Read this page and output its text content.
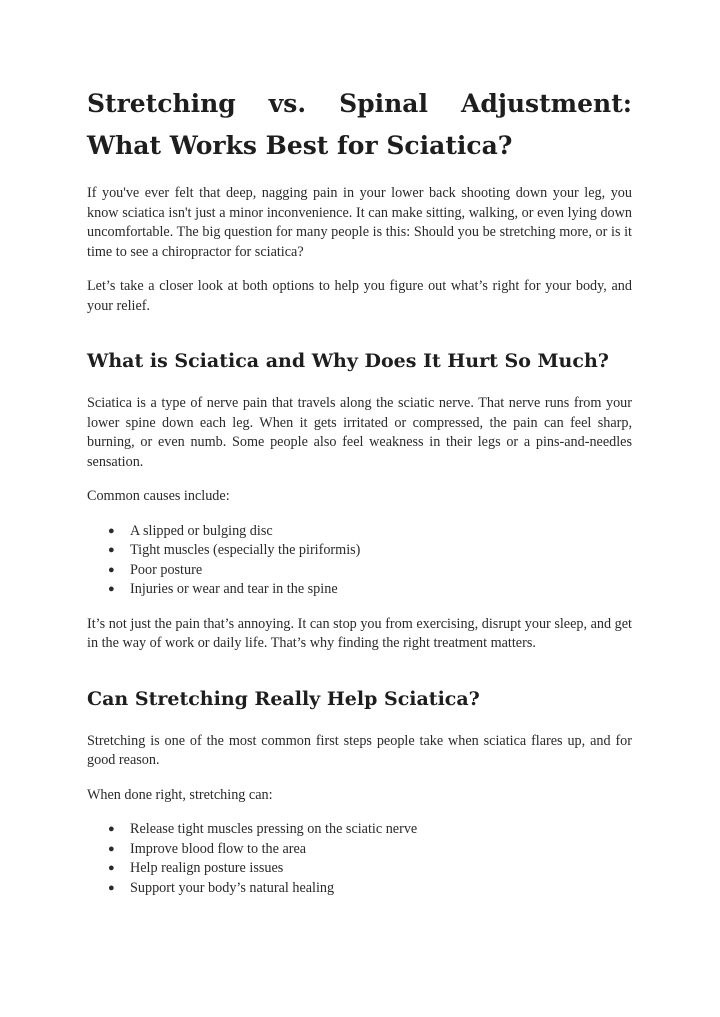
Stretching vs. Spinal Adjustment: What Works Best for Sciatica?

If you've ever felt that deep, nagging pain in your lower back shooting down your leg, you know sciatica isn't just a minor inconvenience. It can make sitting, walking, or even lying down uncomfortable. The big question for many people is this: Should you be stretching more, or is it time to see a chiropractor for sciatica?

Let’s take a closer look at both options to help you figure out what’s right for your body, and your relief.

What is Sciatica and Why Does It Hurt So Much?

Sciatica is a type of nerve pain that travels along the sciatic nerve. That nerve runs from your lower spine down each leg. When it gets irritated or compressed, the pain can feel sharp, burning, or even numb. Some people also feel weakness in their legs or a pins-and-needles sensation.

Common causes include:

● A slipped or bulging disc
● Tight muscles (especially the piriformis)
● Poor posture
● Injuries or wear and tear in the spine

It’s not just the pain that’s annoying. It can stop you from exercising, disrupt your sleep, and get in the way of work or daily life. That’s why finding the right treatment matters.

Can Stretching Really Help Sciatica?

Stretching is one of the most common first steps people take when sciatica flares up, and for good reason.

When done right, stretching can:

● Release tight muscles pressing on the sciatic nerve
● Improve blood flow to the area
● Help realign posture issues
● Support your body’s natural healing
